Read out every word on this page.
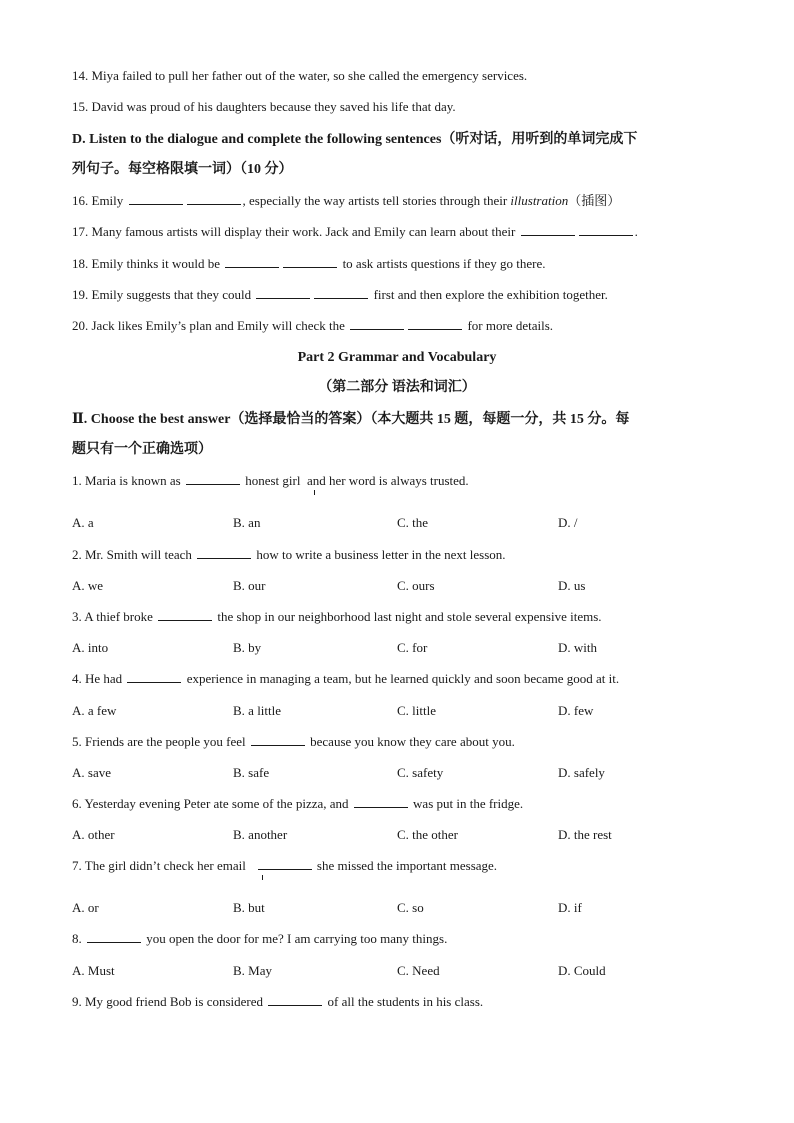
14. Miya failed to pull her father out of the water, so she called the emergency services.
15. David was proud of his daughters because they saved his life that day.
D. Listen to the dialogue and complete the following sentences（听对话，用听到的单词完成下
列句子。每空格限填一词）（10 分）
16. Emily	, especially the way artists tell stories through their illustration（插图）
17. Many famous artists will display their work. Jack and Emily can learn about their	.
18. Emily thinks it would be	to ask artists questions if they go there.
19. Emily suggests that they could	first and then explore the exhibition together.
20. Jack likes Emily’s plan and Emily will check the	for more details.
Part 2 Grammar and Vocabulary
（第二部分 语法和词汇）
Ⅱ. Choose the best answer（选择最恰当的答案）（本大题共 15 题，每题一分，共 15 分。每
题只有一个正确选项）
1. Maria is known as	honest girl and her word is always trusted.
A. a	B. an	C. the	D. /
2. Mr. Smith will teach	how to write a business letter in the next lesson.
A. we	B. our	C. ours	D. us
3. A thief broke	the shop in our neighborhood last night and stole several expensive items.
A. into	B. by	C. for	D. with
4. He had	experience in managing a team, but he learned quickly and soon became good at it.
A. a few	B. a little	C. little	D. few
5. Friends are the people you feel	because you know they care about you.
A. save	B. safe	C. safety	D. safely
6. Yesterday evening Peter ate some of the pizza, and	was put in the fridge.
A. other	B. another	C. the other	D. the rest
7. The girl didn’t check her email	she missed the important message.
A. or	B. but	C. so	D. if
8.	you open the door for me? I am carrying too many things.
A. Must	B. May	C. Need	D. Could
9. My good friend Bob is considered	of all the students in his class.
